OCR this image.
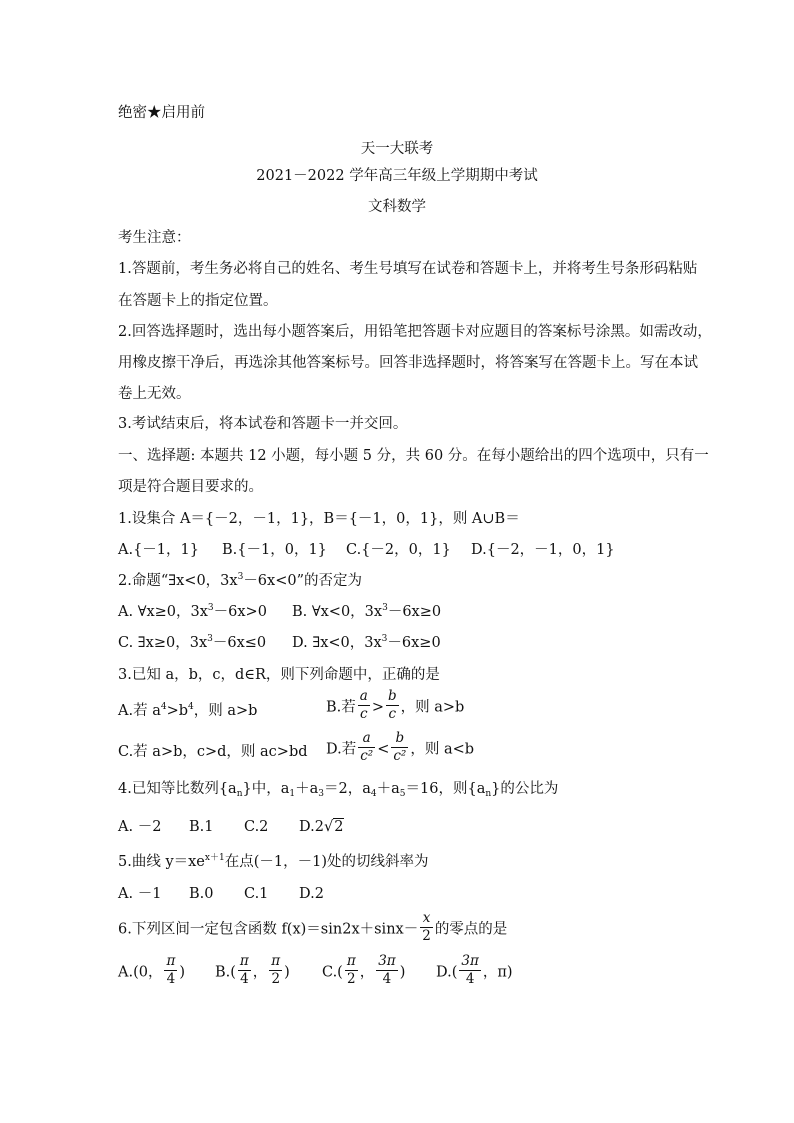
绝密★启用前
天一大联考
2021－2022 学年高三年级上学期期中考试
文科数学
考生注意：
1.答题前，考生务必将自己的姓名、考生号填写在试卷和答题卡上，并将考生号条形码粘贴
在答题卡上的指定位置。
2.回答选择题时，选出每小题答案后，用铅笔把答题卡对应题目的答案标号涂黑。如需改动，
用橡皮擦干净后，再选涂其他答案标号。回答非选择题时，将答案写在答题卡上。写在本试
卷上无效。
3.考试结束后，将本试卷和答题卡一并交回。
一、选择题: 本题共 12 小题，每小题 5 分，共 60 分。在每小题给出的四个选项中，只有一
项是符合题目要求的。
1.设集合 A＝{－2，－1，1}，B＝{－1，0，1}，则 A∪B＝
A.{－1，1} B.{－1，0，1} C.{－2，0，1} D.{－2，－1，0，1}
2.命题“∃x<0，$3x^3-6x<0$”的否定为
A. ∀x≥0，$3x^3-6x>0$ B. ∀x<0，$3x^3-6x\ge 0$
C. ∃x≥0，$3x^3-6x\le 0$ D. ∃x<0，$3x^3-6x\ge 0$
3.已知 a，b，c，d∈R，则下列命题中，正确的是
A.若 $a^4>b^4$，则 a>b	B.若 $\frac{a}{c} > \frac{b}{c}$ ，则 a>b
C.若 a>b，c>d，则 ac>bd D.若 $\frac{a}{\text{c²}} < \frac{b}{\text{c²}}$ ，则 a<b
4.已知等比数列$\{a_n\}$中，$a_1+a_3=2$，$a_4+a_5=16$，则$\{a_n\}$的公比为
A. －2 B.1 C.2 D.2√2
5.曲线 $y=xe^{x+1}$在点(－1，－1)处的切线斜率为
A. －1 B.0 C.1 D.2
6.下列区间一定包含函数 $f(x)=\sin 2x+\sin x- \frac{x}{2}$ 的零点的是
A.(0， $\frac{\pi}{4}$ ) $B.( \frac{\pi}{4}$ ， $\frac{\pi}{2}$ ) $C.( \frac{\pi}{2}$ ， $\frac{3\pi}{4}$ ) $D.( \frac{3\pi}{4}$ ，π)
